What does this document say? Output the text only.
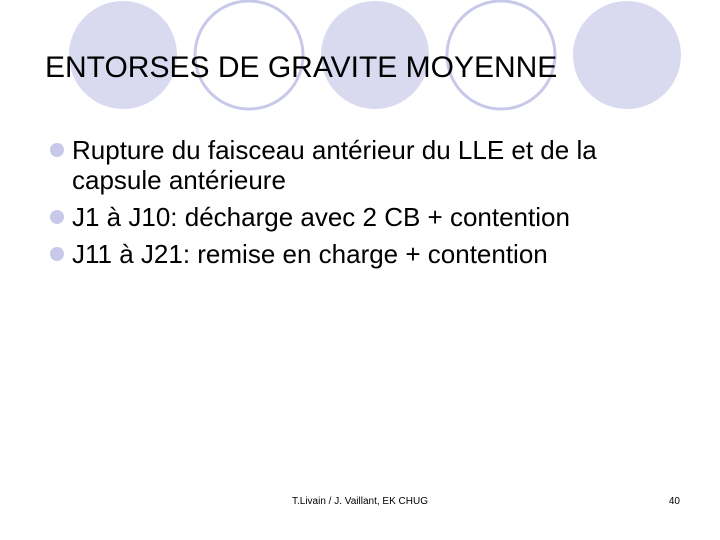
ENTORSES DE GRAVITE MOYENNE
Rupture du faisceau antérieur du LLE et de la capsule antérieure
J1 à J10: décharge avec 2 CB + contention
J11 à J21: remise en charge + contention
T.Livain / J. Vaillant, EK CHUG	40
